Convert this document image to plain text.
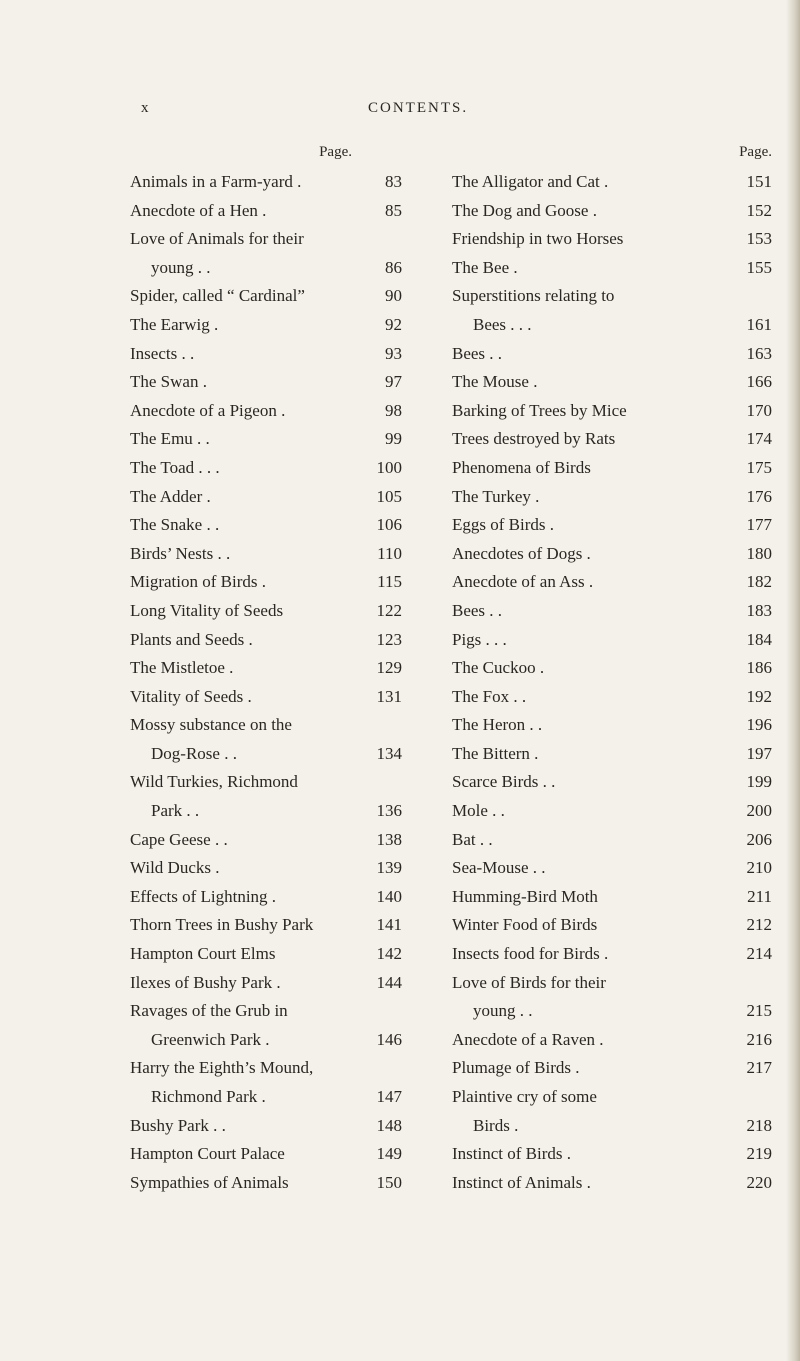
x	CONTENTS.
Page.
Animals in a Farm-yard .	83
Anecdote of a Hen .	85
Love of Animals for their
young . .	86
Spider, called “ Cardinal”	90
The Earwig .	92
Insects . .	93
The Swan .	97
Anecdote of a Pigeon .	98
The Emu . .	99
The Toad . . .	100
The Adder .	105
The Snake . .	106
Birds’ Nests . .	110
Migration of Birds .	115
Long Vitality of Seeds	122
Plants and Seeds .	123
The Mistletoe .	129
Vitality of Seeds .	131
Mossy substance on the
Dog-Rose . .	134
Wild Turkies, Richmond
Park . .	136
Cape Geese . .	138
Wild Ducks .	139
Effects of Lightning .	140
Thorn Trees in Bushy Park	141
Hampton Court Elms	142
Ilexes of Bushy Park .	144
Ravages of the Grub in
Greenwich Park .	146
Harry the Eighth’s Mound,
Richmond Park .	147
Bushy Park . .	148
Hampton Court Palace	149
Sympathies of Animals	150
Page.
The Alligator and Cat .	151
The Dog and Goose .	152
Friendship in two Horses	153
The Bee .	155
Superstitions relating to
Bees . . .	161
Bees . .	163
The Mouse .	166
Barking of Trees by Mice	170
Trees destroyed by Rats	174
Phenomena of Birds	175
The Turkey .	176
Eggs of Birds .	177
Anecdotes of Dogs .	180
Anecdote of an Ass .	182
Bees . .	183
Pigs . . .	184
The Cuckoo .	186
The Fox . .	192
The Heron . .	196
The Bittern .	197
Scarce Birds . .	199
Mole . .	200
Bat . .	206
Sea-Mouse . .	210
Humming-Bird Moth	211
Winter Food of Birds	212
Insects food for Birds .	214
Love of Birds for their
young . .	215
Anecdote of a Raven .	216
Plumage of Birds .	217
Plaintive cry of some
Birds .	218
Instinct of Birds .	219
Instinct of Animals .	220
